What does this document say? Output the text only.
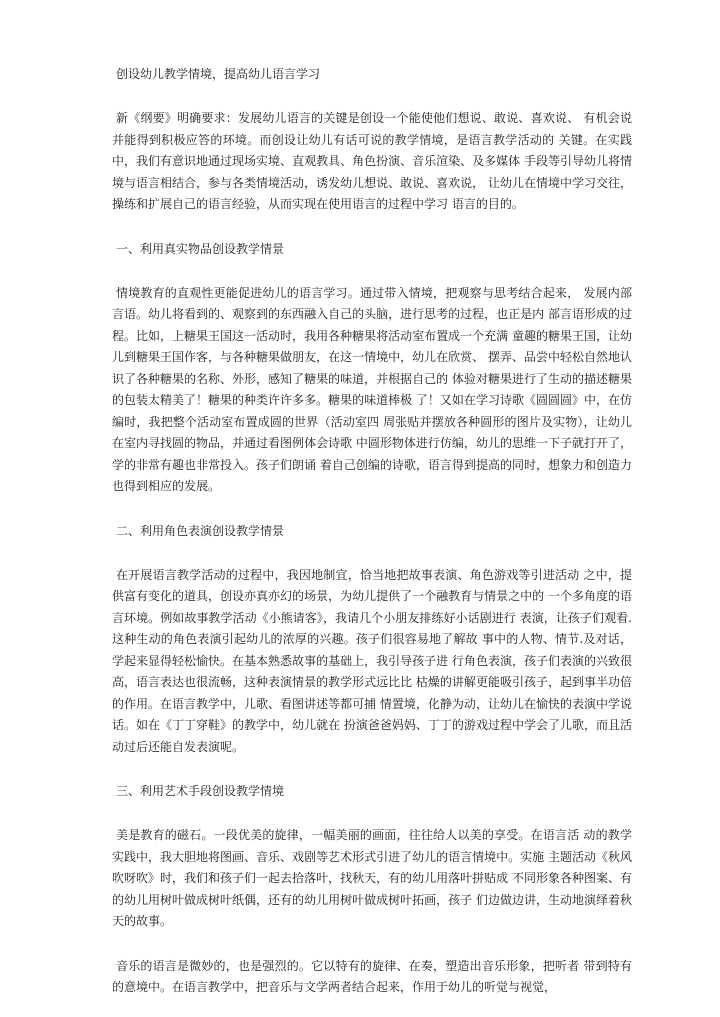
创设幼儿教学情境，提高幼儿语言学习

新《纲要》明确要求：发展幼儿语言的关键是创设一个能使他们想说、敢说、喜欢说、 有机会说并能得到积极应答的环境。而创设让幼儿有话可说的教学情境，是语言教学活动的 关键。在实践中，我们有意识地通过现场实境、直观教具、角色扮演、音乐渲染、及多媒体 手段等引导幼儿将情境与语言相结合，参与各类情境活动，诱发幼儿想说、敢说、喜欢说， 让幼儿在情境中学习交往，操练和扩展自己的语言经验，从而实现在使用语言的过程中学习 语言的目的。

一、利用真实物品创设教学情景

情境教育的直观性更能促进幼儿的语言学习。通过带入情境，把观察与思考结合起来， 发展内部言语。幼儿将看到的、观察到的东西融入自己的头脑，进行思考的过程，也正是内 部言语形成的过程。比如，上糖果王国这一活动时，我用各种糖果将活动室布置成一个充满 童趣的糖果王国，让幼儿到糖果王国作客，与各种糖果做朋友，在这一情境中，幼儿在欣赏、 摆弄、品尝中轻松自然地认识了各种糖果的名称、外形，感知了糖果的味道，并根据自己的 体验对糖果进行了生动的描述糖果的包装太精美了！糖果的种类许许多多。糖果的味道棒极 了！又如在学习诗歌《圆圆圆》中，在仿编时，我把整个活动室布置成圆的世界（活动室四 周张贴并摆放各种圆形的图片及实物），让幼儿在室内寻找圆的物品，并通过看图例体会诗歌 中圆形物体进行仿编，幼儿的思维一下子就打开了，学的非常有趣也非常投入。孩子们朗诵 着自己创编的诗歌，语言得到提高的同时，想象力和创造力也得到相应的发展。

二、利用角色表演创设教学情景

在开展语言教学活动的过程中，我因地制宜，恰当地把故事表演、角色游戏等引进活动 之中，提供富有变化的道具，创设亦真亦幻的场景，为幼儿提供了一个融教育与情景之中的 一个多角度的语言环境。例如故事教学活动《小熊请客》，我请几个小朋友排练好小话剧进行 表演，让孩子们观看.这种生动的角色表演引起幼儿的浓厚的兴趣。孩子们很容易地了解故 事中的人物、情节.及对话，学起来显得轻松愉快。在基本熟悉故事的基础上，我引导孩子进 行角色表演，孩子们表演的兴致很高，语言表达也很流畅，这种表演情景的教学形式远比比 枯燥的讲解更能吸引孩子，起到事半功倍的作用。在语言教学中，儿歌、看图讲述等都可捕 情置境，化静为动，让幼儿在愉快的表演中学说话。如在《丁丁穿鞋》的教学中，幼儿就在 扮演爸爸妈妈、丁丁的游戏过程中学会了儿歌，而且活动过后还能自发表演呢。

三、利用艺术手段创设教学情境

美是教育的磁石。一段优美的旋律，一幅美丽的画面，往往给人以美的享受。在语言活 动的教学实践中，我大胆地将图画、音乐、戏剧等艺术形式引进了幼儿的语言情境中。实施 主题活动《秋风吹呀吹》时，我们和孩子们一起去拾落叶，找秋天，有的幼儿用落叶拼贴成 不同形象各种图案、有的幼儿用树叶做成树叶纸偶，还有的幼儿用树叶做成树叶拓画，孩子 们边做边讲，生动地演绎着秋天的故事。

音乐的语言是微妙的，也是强烈的。它以特有的旋律、在奏，塑造出音乐形象，把听者 带到特有的意境中。在语言教学中，把音乐与文学两者结合起来，作用于幼儿的听觉与视觉，
